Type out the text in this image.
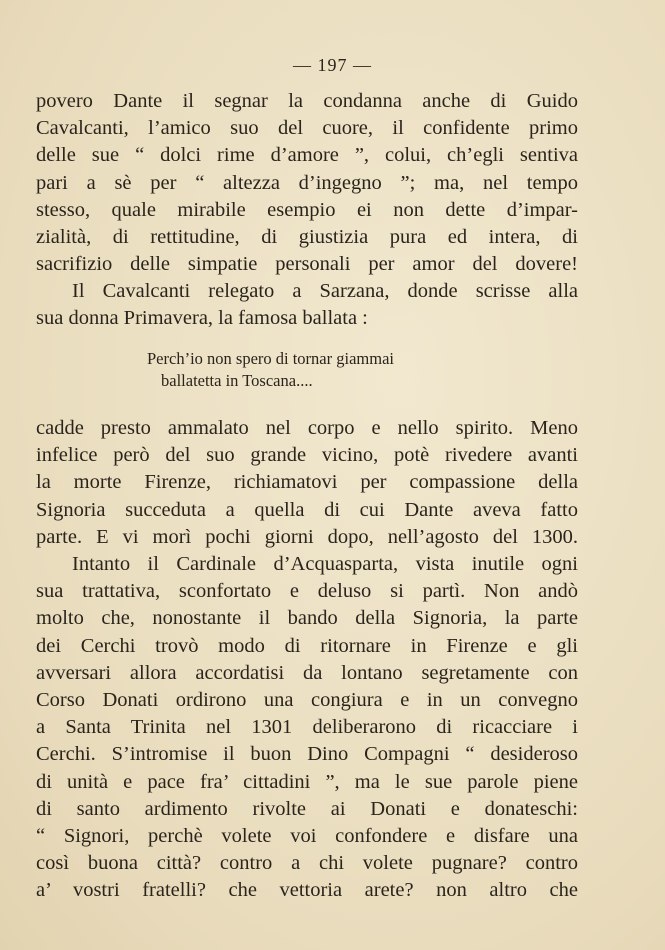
— 197 —
povero Dante il segnar la condanna anche di Guido
Cavalcanti, l’amico suo del cuore, il confidente primo
delle sue “ dolci rime d’amore ”, colui, ch’egli sentiva
pari a sè per “ altezza d’ingegno ”; ma, nel tempo
stesso, quale mirabile esempio ei non dette d’impar-
zialità, di rettitudine, di giustizia pura ed intera, di
sacrifizio delle simpatie personali per amor del dovere!
Il Cavalcanti relegato a Sarzana, donde scrisse alla
sua donna Primavera, la famosa ballata :
Perch’io non spero di tornar giammai
ballatetta in Toscana....
cadde presto ammalato nel corpo e nello spirito. Meno
infelice però del suo grande vicino, potè rivedere avanti
la morte Firenze, richiamatovi per compassione della
Signoria succeduta a quella di cui Dante aveva fatto
parte. E vi morì pochi giorni dopo, nell’agosto del 1300.
Intanto il Cardinale d’Acquasparta, vista inutile ogni
sua trattativa, sconfortato e deluso si partì. Non andò
molto che, nonostante il bando della Signoria, la parte
dei Cerchi trovò modo di ritornare in Firenze e gli
avversari allora accordatisi da lontano segretamente con
Corso Donati ordirono una congiura e in un convegno
a Santa Trinita nel 1301 deliberarono di ricacciare i
Cerchi. S’intromise il buon Dino Compagni “ desideroso
di unità e pace fra’ cittadini ”, ma le sue parole piene
di santo ardimento rivolte ai Donati e donateschi:
“ Signori, perchè volete voi confondere e disfare una
così buona città? contro a chi volete pugnare? contro
a’ vostri fratelli? che vettoria arete? non altro che
